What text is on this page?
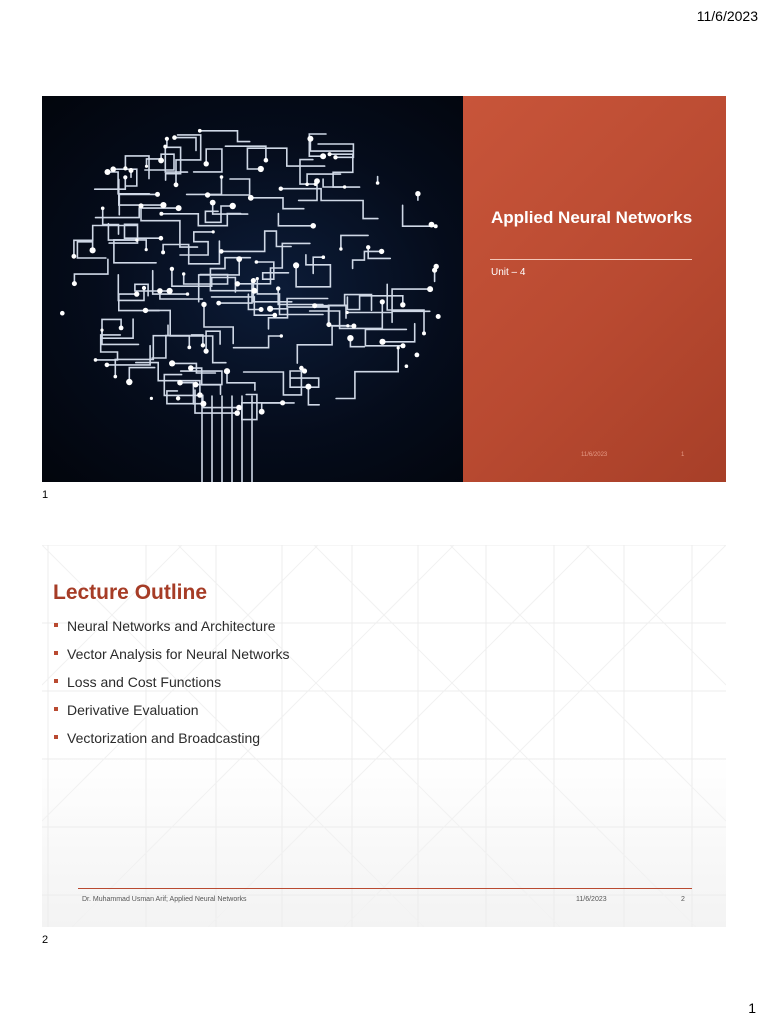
11/6/2023
Applied Neural Networks
Unit – 4
11/6/2023	1
1
Lecture Outline
Neural Networks and Architecture
Vector Analysis for Neural Networks
Loss and Cost Functions
Derivative Evaluation
Vectorization and Broadcasting
Dr. Muhammad Usman Arif; Applied Neural Networks	11/6/2023	2
2
1
